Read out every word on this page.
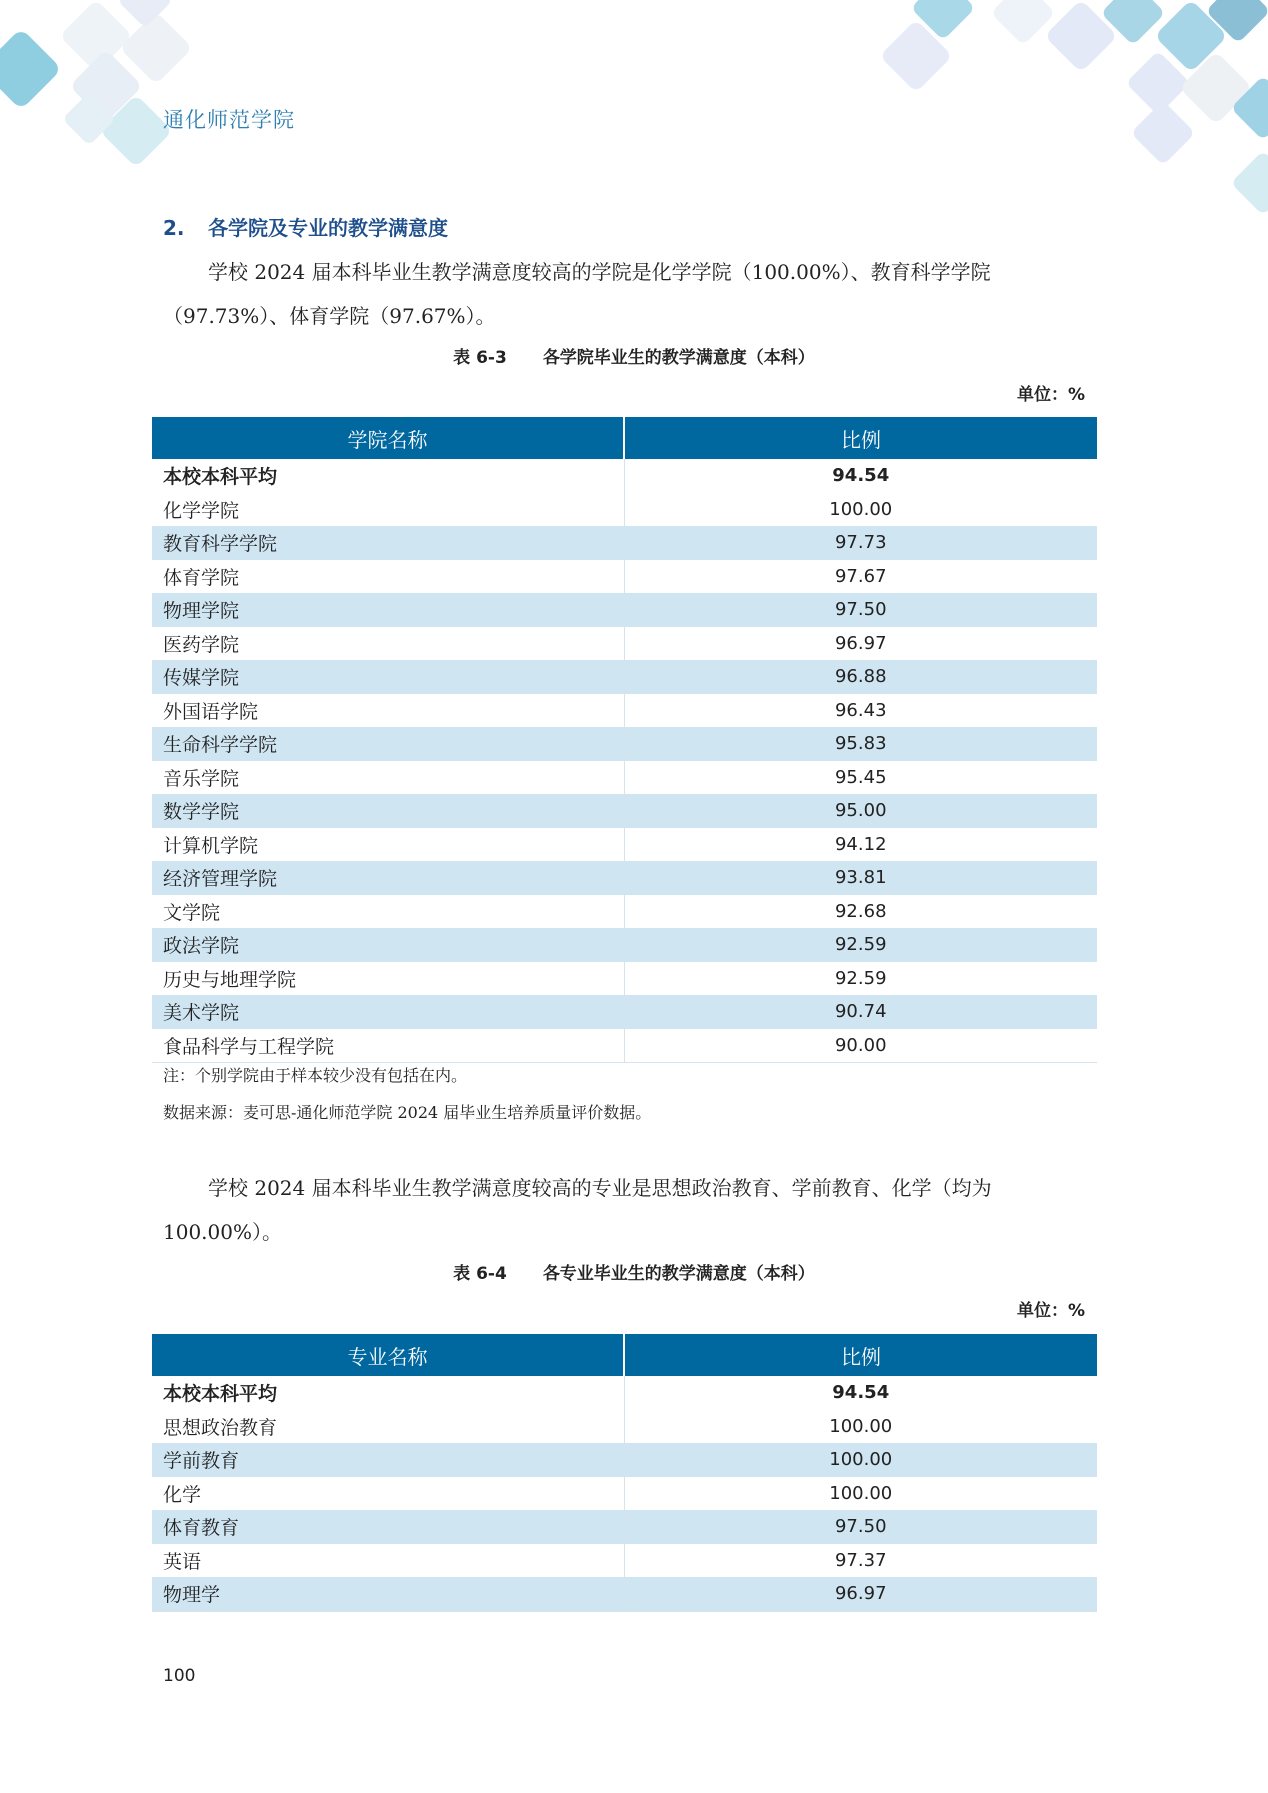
通化师范学院
2. 各学院及专业的教学满意度
学校 2024 届本科毕业生教学满意度较高的学院是化学学院（100.00%）、教育科学学院（97.73%）、体育学院（97.67%）。
表 6-3 各学院毕业生的教学满意度（本科）
单位：%
学院名称	比例
本校本科平均	94.54
化学学院	100.00
教育科学学院	97.73
体育学院	97.67
物理学院	97.50
医药学院	96.97
传媒学院	96.88
外国语学院	96.43
生命科学学院	95.83
音乐学院	95.45
数学学院	95.00
计算机学院	94.12
经济管理学院	93.81
文学院	92.68
政法学院	92.59
历史与地理学院	92.59
美术学院	90.74
食品科学与工程学院	90.00
注：个别学院由于样本较少没有包括在内。
数据来源：麦可思-通化师范学院 2024 届毕业生培养质量评价数据。
学校 2024 届本科毕业生教学满意度较高的专业是思想政治教育、学前教育、化学（均为 100.00%）。
表 6-4 各专业毕业生的教学满意度（本科）
单位：%
专业名称	比例
本校本科平均	94.54
思想政治教育	100.00
学前教育	100.00
化学	100.00
体育教育	97.50
英语	97.37
物理学	96.97
100
